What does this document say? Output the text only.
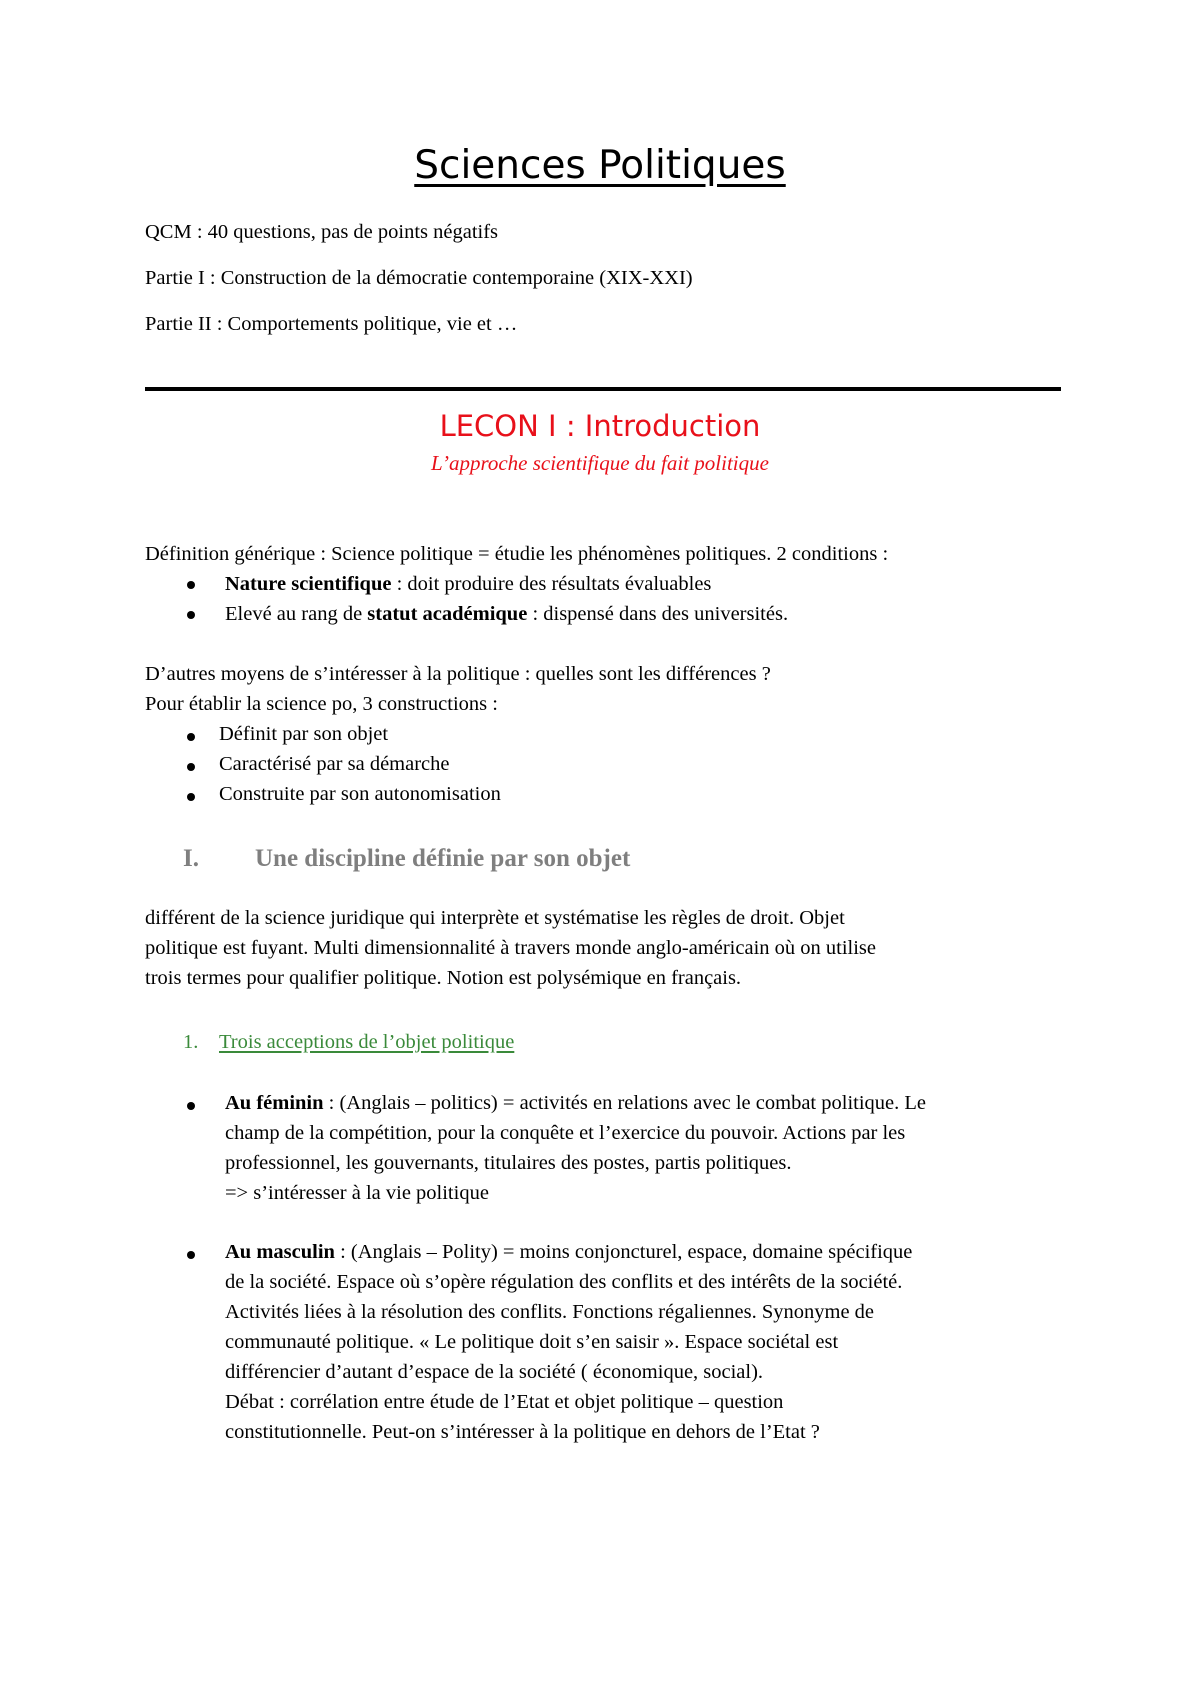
Sciences Politiques
QCM : 40 questions, pas de points négatifs
Partie I : Construction de la démocratie contemporaine (XIX-XXI)
Partie II : Comportements politique, vie et …
LECON I : Introduction
L’approche scientifique du fait politique
Définition générique : Science politique = étudie les phénomènes politiques. 2 conditions :
Nature scientifique : doit produire des résultats évaluables
Elevé au rang de statut académique : dispensé dans des universités.
D’autres moyens de s’intéresser à la politique : quelles sont les différences ?
Pour établir la science po, 3 constructions :
Définit par son objet
Caractérisé par sa démarche
Construite par son autonomisation
I. Une discipline définie par son objet
différent de la science juridique qui interprète et systématise les règles de droit. Objet
politique est fuyant. Multi dimensionnalité à travers monde anglo-américain où on utilise
trois termes pour qualifier politique. Notion est polysémique en français.
1. Trois acceptions de l’objet politique
Au féminin : (Anglais – politics) = activités en relations avec le combat politique. Le
champ de la compétition, pour la conquête et l’exercice du pouvoir. Actions par les
professionnel, les gouvernants, titulaires des postes, partis politiques.
=> s’intéresser à la vie politique
Au masculin : (Anglais – Polity) = moins conjoncturel, espace, domaine spécifique
de la société. Espace où s’opère régulation des conflits et des intérêts de la société.
Activités liées à la résolution des conflits. Fonctions régaliennes. Synonyme de
communauté politique. « Le politique doit s’en saisir ». Espace sociétal est
différencier d’autant d’espace de la société ( économique, social).
Débat : corrélation entre étude de l’Etat et objet politique – question
constitutionnelle. Peut-on s’intéresser à la politique en dehors de l’Etat ?
